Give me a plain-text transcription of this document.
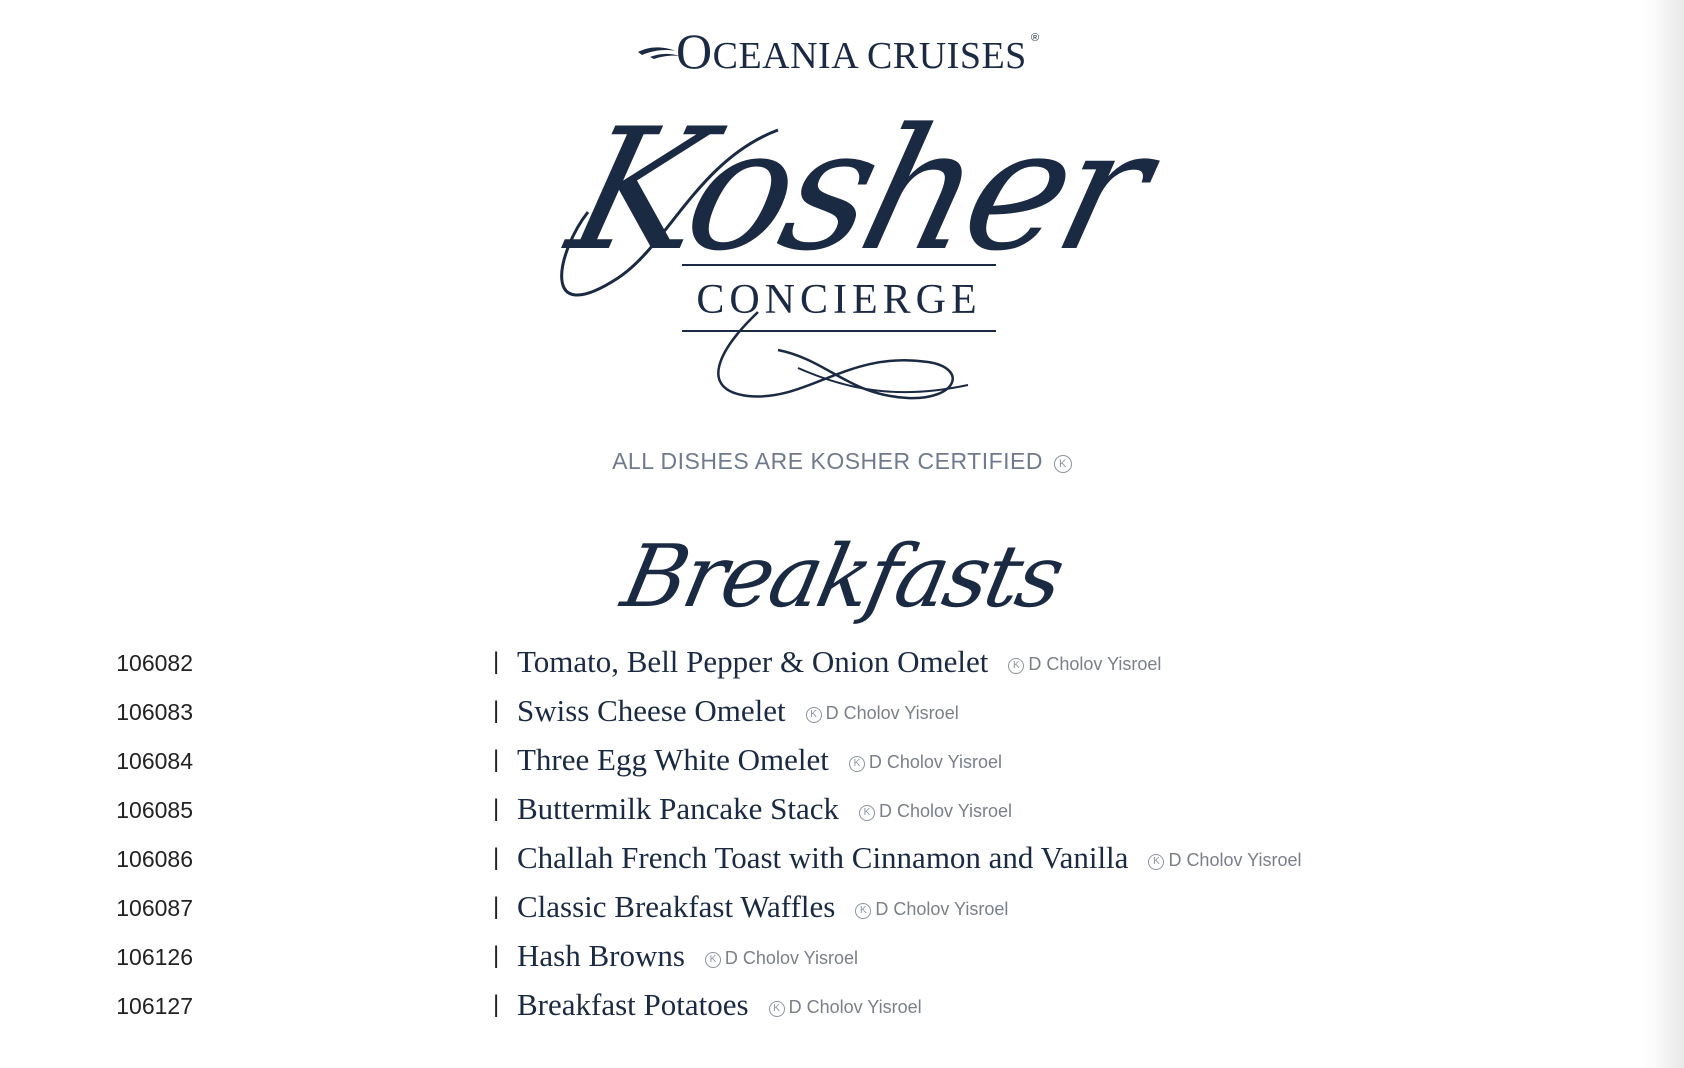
OCEANIA CRUISES ®
Kosher
CONCIERGE
ALL DISHES ARE KOSHER CERTIFIED K
Breakfasts
106082	| Tomato, Bell Pepper & Onion Omelet K D Cholov Yisroel
106083	| Swiss Cheese Omelet K D Cholov Yisroel
106084	| Three Egg White Omelet K D Cholov Yisroel
106085	| Buttermilk Pancake Stack K D Cholov Yisroel
106086	| Challah French Toast with Cinnamon and Vanilla K D Cholov Yisroel
106087	| Classic Breakfast Waffles K D Cholov Yisroel
106126	| Hash Browns K D Cholov Yisroel
106127	| Breakfast Potatoes K D Cholov Yisroel
